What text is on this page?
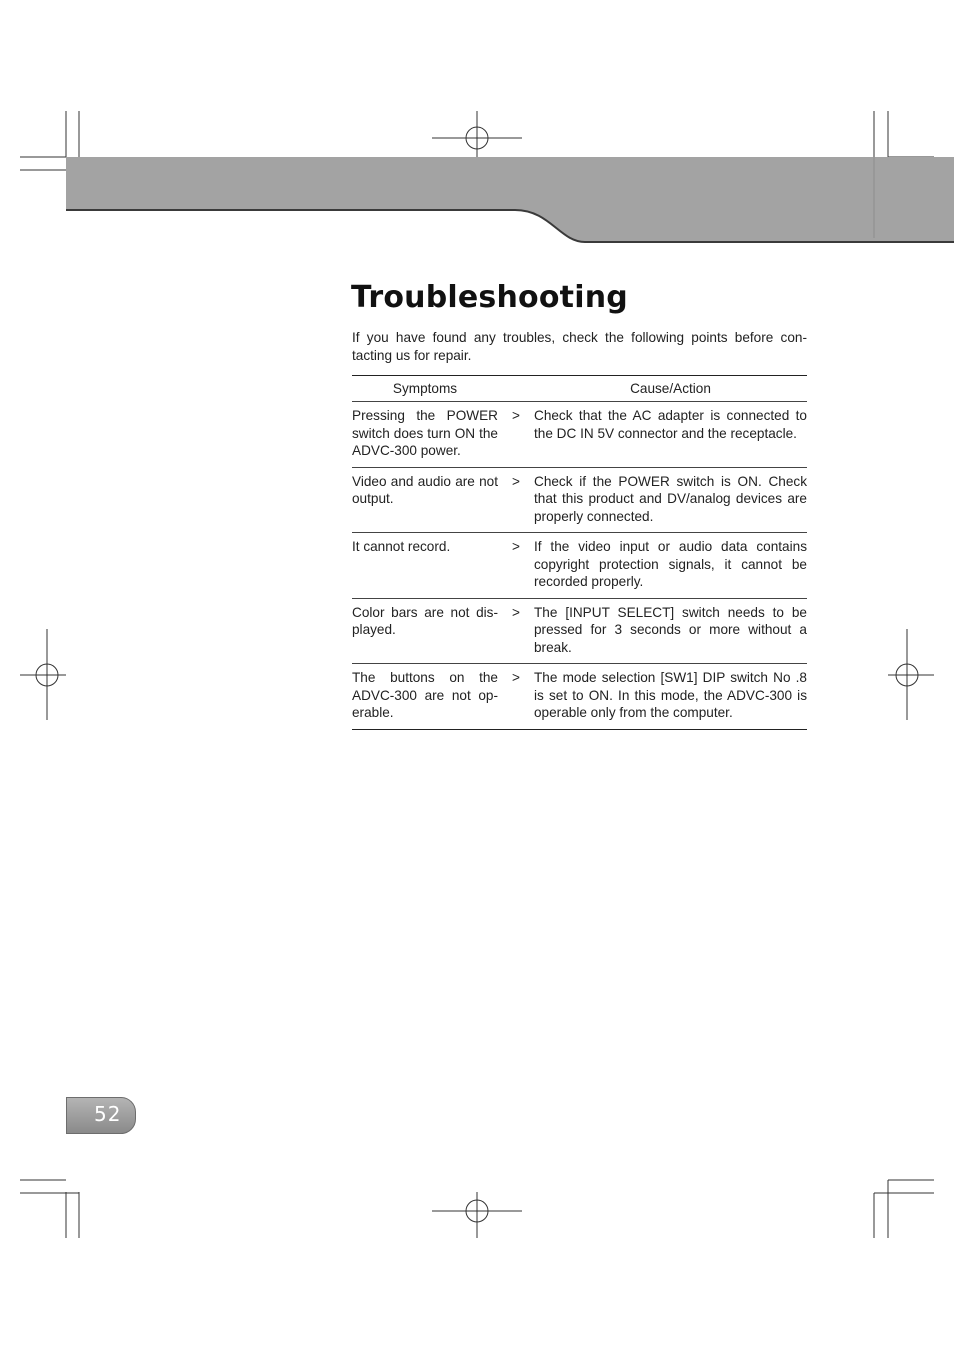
Troubleshooting

If you have found any troubles, check the following points before con-tacting us for repair.

Symptoms		Cause/Action
Pressing the POWER switch does turn ON the ADVC-300 power.	>	Check that the AC adapter is connected to the DC IN 5V connector and the receptacle.
Video and audio are not output.	>	Check if the POWER switch is ON. Check that this product and DV/analog devices are properly connected.
It cannot record.	>	If the video input or audio data contains copyright protection signals, it cannot be recorded properly.
Color bars are not dis-played.	>	The [INPUT SELECT] switch needs to be pressed for 3 seconds or more without a break.
The buttons on the ADVC-300 are not op-erable.	>	The mode selection [SW1] DIP switch No .8 is set to ON. In this mode, the ADVC-300 is operable only from the computer.
52
